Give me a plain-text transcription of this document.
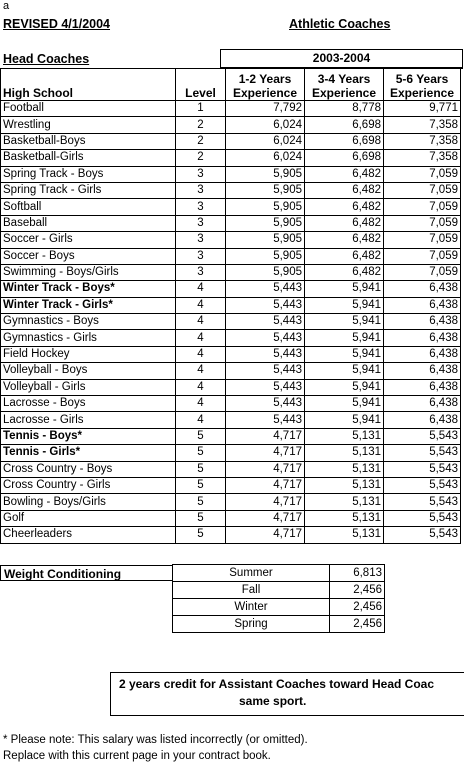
a
REVISED 4/1/2004	Athletic Coaches
Head Coaches	2003-2004
High School	Level	1-2 Years Experience	3-4 Years Experience	5-6 Years Experience
Football	1	7,792	8,778	9,771
Wrestling	2	6,024	6,698	7,358
Basketball-Boys	2	6,024	6,698	7,358
Basketball-Girls	2	6,024	6,698	7,358
Spring Track - Boys	3	5,905	6,482	7,059
Spring Track - Girls	3	5,905	6,482	7,059
Softball	3	5,905	6,482	7,059
Baseball	3	5,905	6,482	7,059
Soccer - Girls	3	5,905	6,482	7,059
Soccer - Boys	3	5,905	6,482	7,059
Swimming - Boys/Girls	3	5,905	6,482	7,059
Winter Track - Boys*	4	5,443	5,941	6,438
Winter Track - Girls*	4	5,443	5,941	6,438
Gymnastics - Boys	4	5,443	5,941	6,438
Gymnastics - Girls	4	5,443	5,941	6,438
Field Hockey	4	5,443	5,941	6,438
Volleyball - Boys	4	5,443	5,941	6,438
Volleyball - Girls	4	5,443	5,941	6,438
Lacrosse - Boys	4	5,443	5,941	6,438
Lacrosse - Girls	4	5,443	5,941	6,438
Tennis - Boys*	5	4,717	5,131	5,543
Tennis - Girls*	5	4,717	5,131	5,543
Cross Country - Boys	5	4,717	5,131	5,543
Cross Country - Girls	5	4,717	5,131	5,543
Bowling - Boys/Girls	5	4,717	5,131	5,543
Golf	5	4,717	5,131	5,543
Cheerleaders	5	4,717	5,131	5,543
Weight Conditioning	Summer	6,813
Fall	2,456
Winter	2,456
Spring	2,456
2 years credit for Assistant Coaches toward Head Coac
same sport.
* Please note: This salary was listed incorrectly (or omitted).
Replace with this current page in your contract book.
